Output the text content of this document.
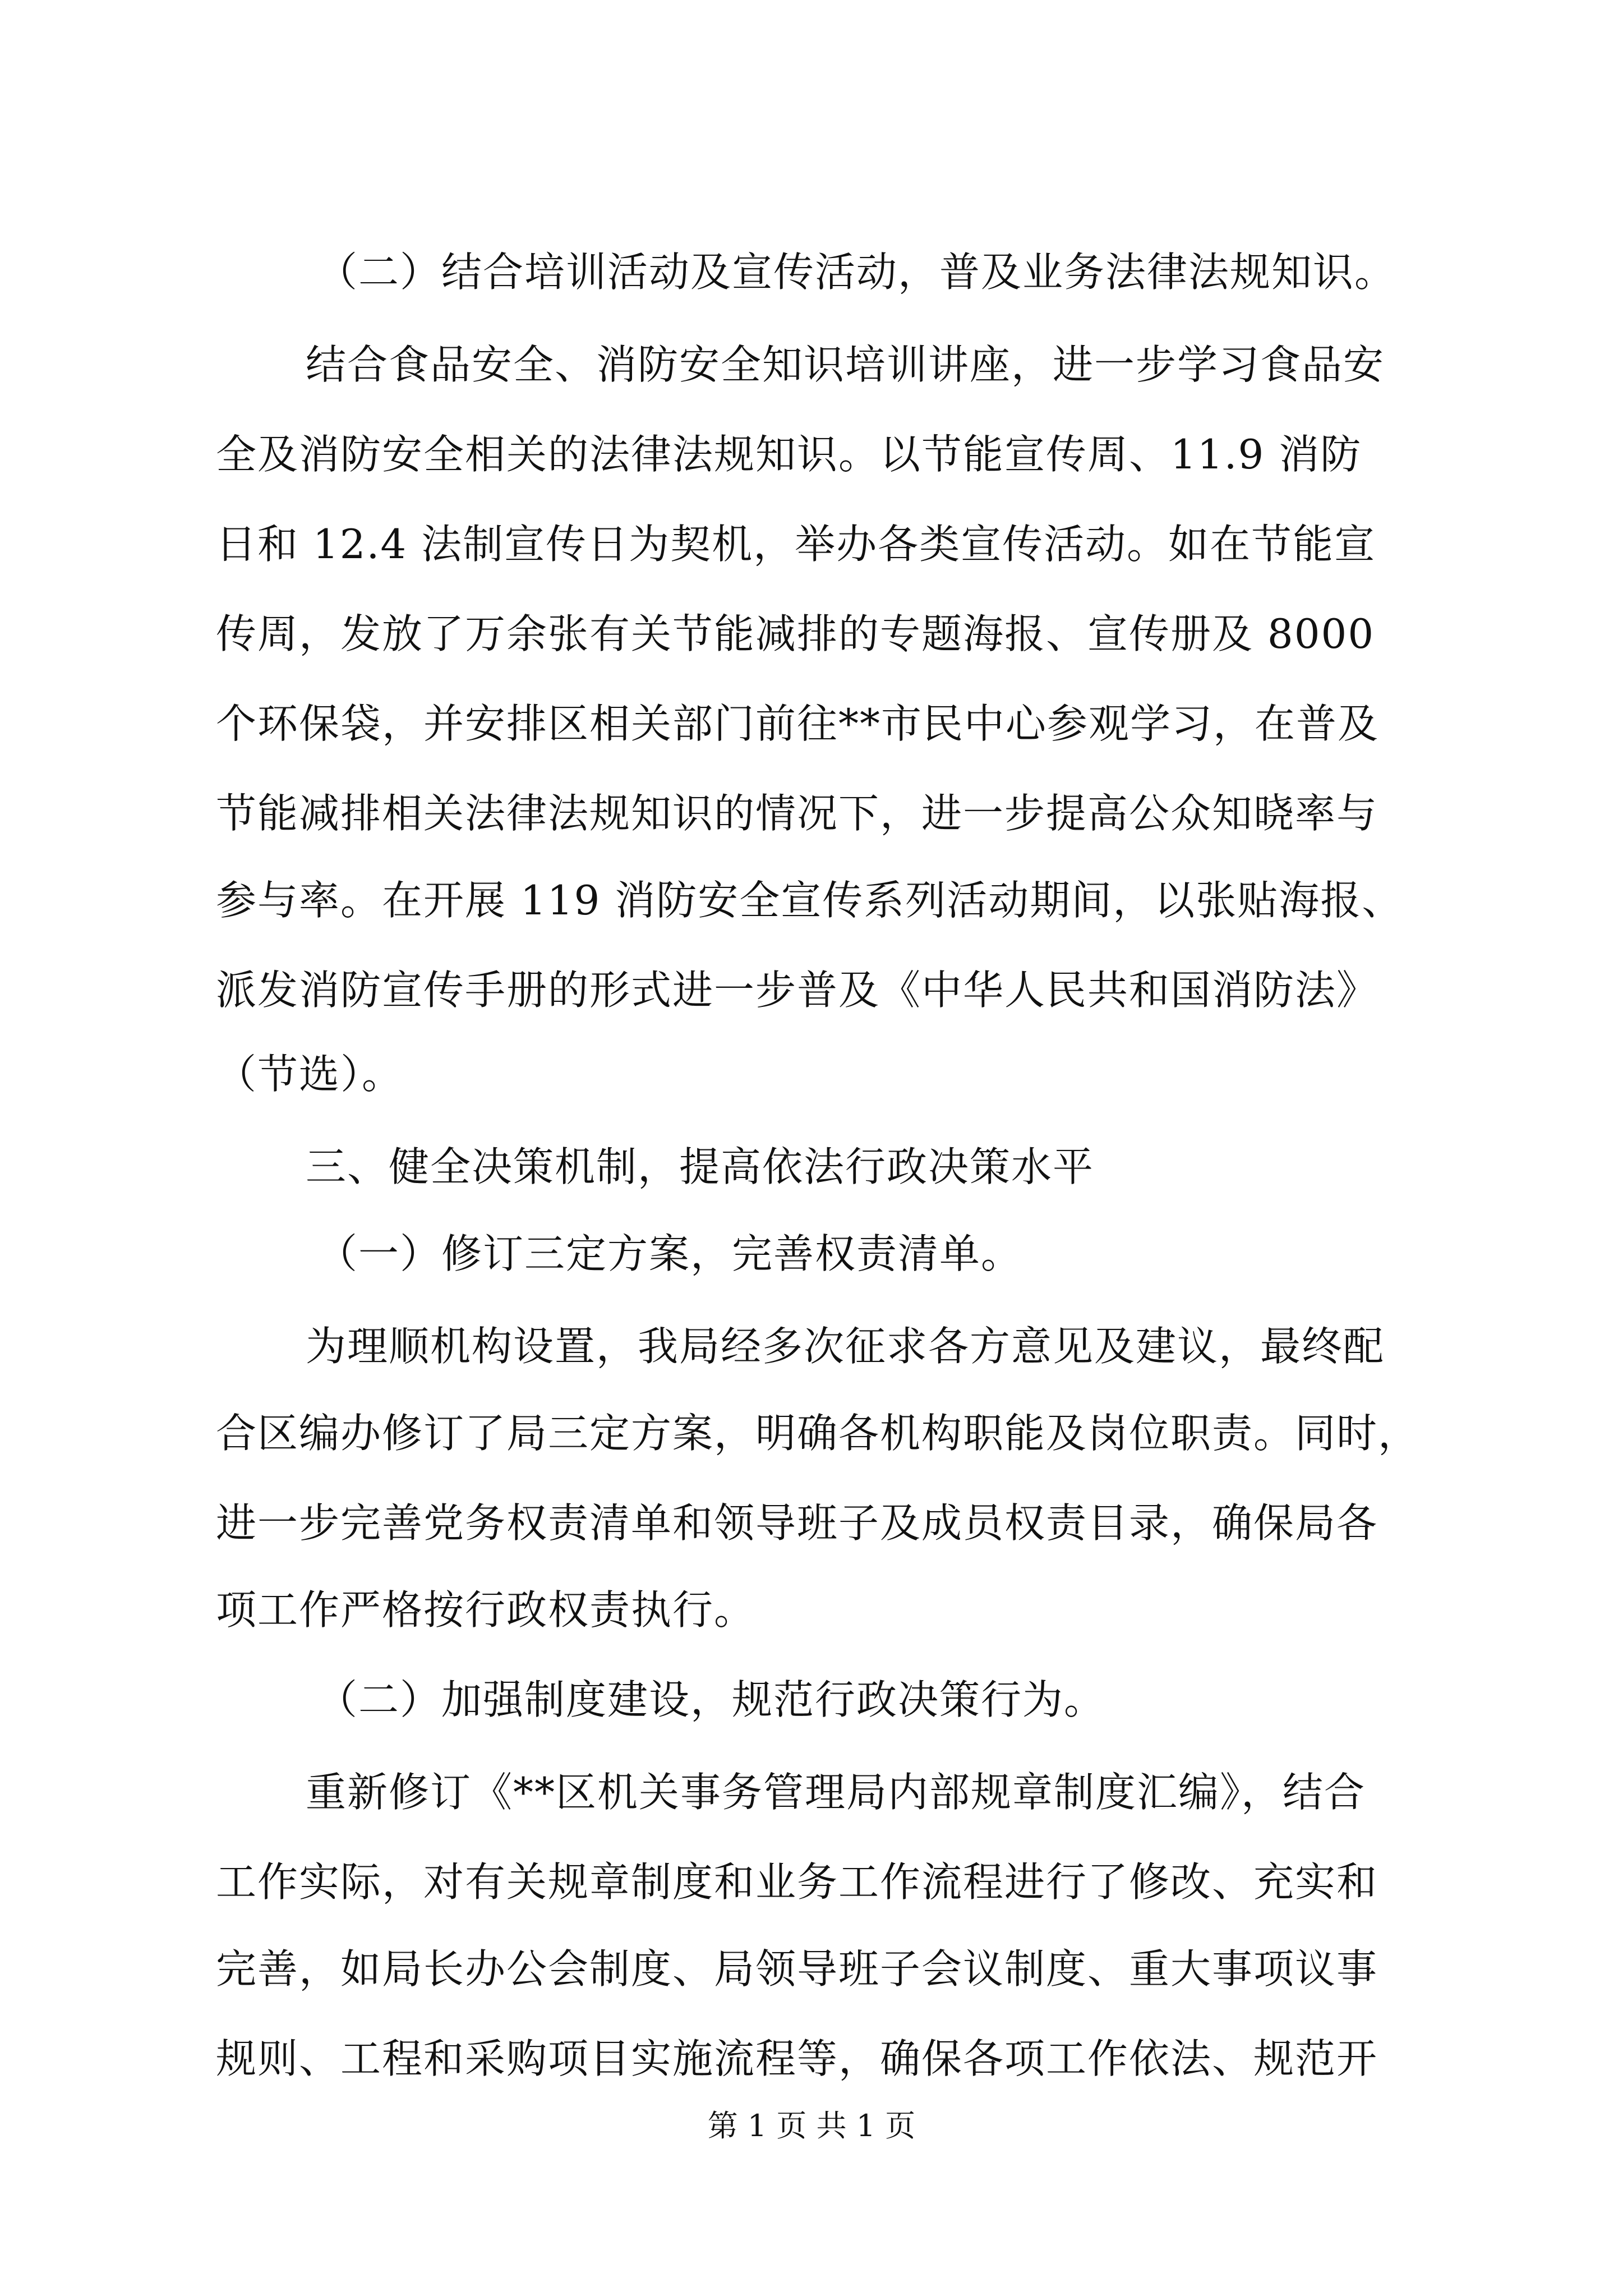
（二）结合培训活动及宣传活动，普及业务法律法规知识。

结合食品安全、消防安全知识培训讲座，进一步学习食品安

全及消防安全相关的法律法规知识。以节能宣传周、11.9 消防

日和 12.4 法制宣传日为契机，举办各类宣传活动。如在节能宣

传周，发放了万余张有关节能减排的专题海报、宣传册及 8000

个环保袋，并安排区相关部门前往**市民中心参观学习，在普及

节能减排相关法律法规知识的情况下，进一步提高公众知晓率与

参与率。在开展 119 消防安全宣传系列活动期间，以张贴海报、

派发消防宣传手册的形式进一步普及《中华人民共和国消防法》

（节选）。

三、健全决策机制，提高依法行政决策水平

（一）修订三定方案，完善权责清单。

为理顺机构设置，我局经多次征求各方意见及建议，最终配

合区编办修订了局三定方案，明确各机构职能及岗位职责。同时，

进一步完善党务权责清单和领导班子及成员权责目录，确保局各

项工作严格按行政权责执行。

（二）加强制度建设，规范行政决策行为。

重新修订《**区机关事务管理局内部规章制度汇编》，结合

工作实际，对有关规章制度和业务工作流程进行了修改、充实和

完善，如局长办公会制度、局领导班子会议制度、重大事项议事

规则、工程和采购项目实施流程等，确保各项工作依法、规范开

第 1 页 共 1 页
